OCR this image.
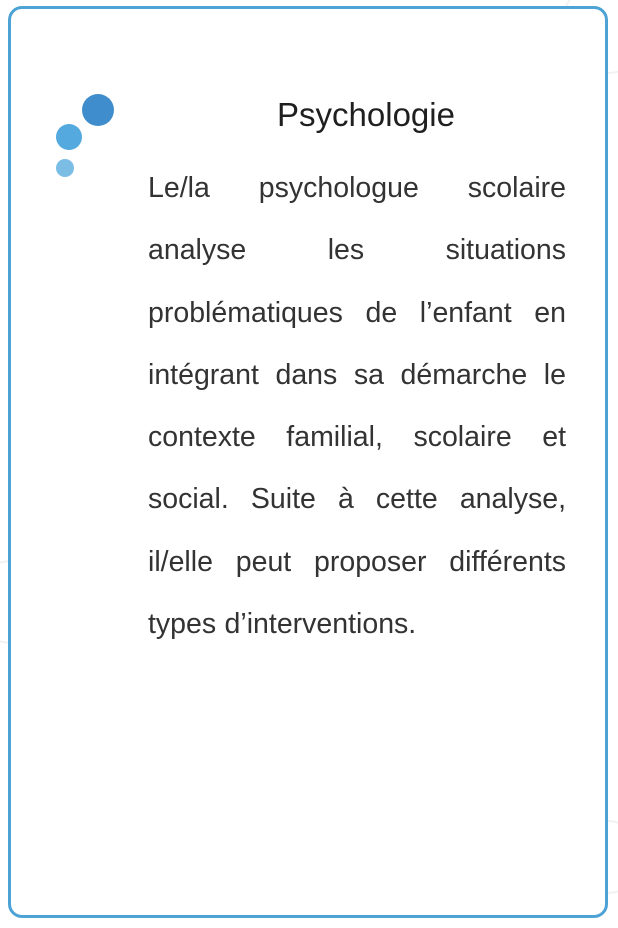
Psychologie

Le/la psychologue scolaire analyse les situations problématiques de l’enfant en intégrant dans sa démarche le contexte familial, scolaire et social. Suite à cette analyse, il/elle peut proposer différents types d’interventions.
